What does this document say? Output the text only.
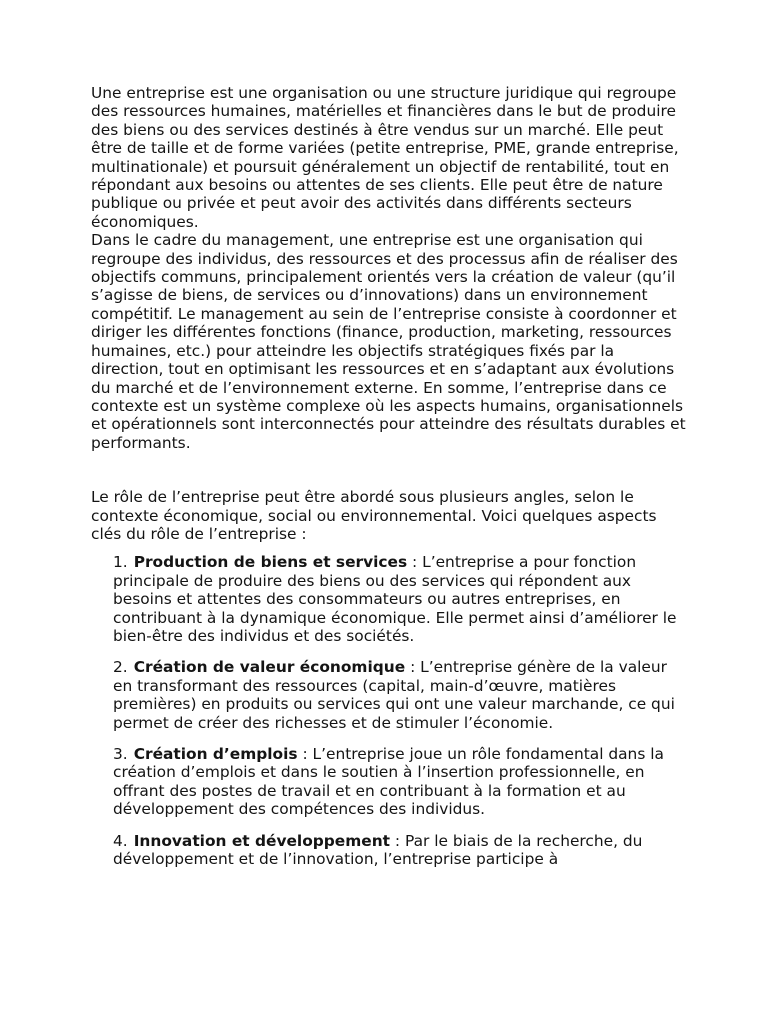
Une entreprise est une organisation ou une structure juridique qui regroupe des ressources humaines, matérielles et financières dans le but de produire des biens ou des services destinés à être vendus sur un marché. Elle peut être de taille et de forme variées (petite entreprise, PME, grande entreprise, multinationale) et poursuit généralement un objectif de rentabilité, tout en répondant aux besoins ou attentes de ses clients. Elle peut être de nature publique ou privée et peut avoir des activités dans différents secteurs économiques.

Dans le cadre du management, une entreprise est une organisation qui regroupe des individus, des ressources et des processus afin de réaliser des objectifs communs, principalement orientés vers la création de valeur (qu’il s’agisse de biens, de services ou d’innovations) dans un environnement compétitif. Le management au sein de l’entreprise consiste à coordonner et diriger les différentes fonctions (finance, production, marketing, ressources humaines, etc.) pour atteindre les objectifs stratégiques fixés par la direction, tout en optimisant les ressources et en s’adaptant aux évolutions du marché et de l’environnement externe. En somme, l’entreprise dans ce contexte est un système complexe où les aspects humains, organisationnels et opérationnels sont interconnectés pour atteindre des résultats durables et performants.

Le rôle de l’entreprise peut être abordé sous plusieurs angles, selon le contexte économique, social ou environnemental. Voici quelques aspects clés du rôle de l’entreprise :

1. Production de biens et services : L’entreprise a pour fonction principale de produire des biens ou des services qui répondent aux besoins et attentes des consommateurs ou autres entreprises, en contribuant à la dynamique économique. Elle permet ainsi d’améliorer le bien-être des individus et des sociétés.
2. Création de valeur économique : L’entreprise génère de la valeur en transformant des ressources (capital, main-d’œuvre, matières premières) en produits ou services qui ont une valeur marchande, ce qui permet de créer des richesses et de stimuler l’économie.
3. Création d’emplois : L’entreprise joue un rôle fondamental dans la création d’emplois et dans le soutien à l’insertion professionnelle, en offrant des postes de travail et en contribuant à la formation et au développement des compétences des individus.
4. Innovation et développement : Par le biais de la recherche, du développement et de l’innovation, l’entreprise participe à
